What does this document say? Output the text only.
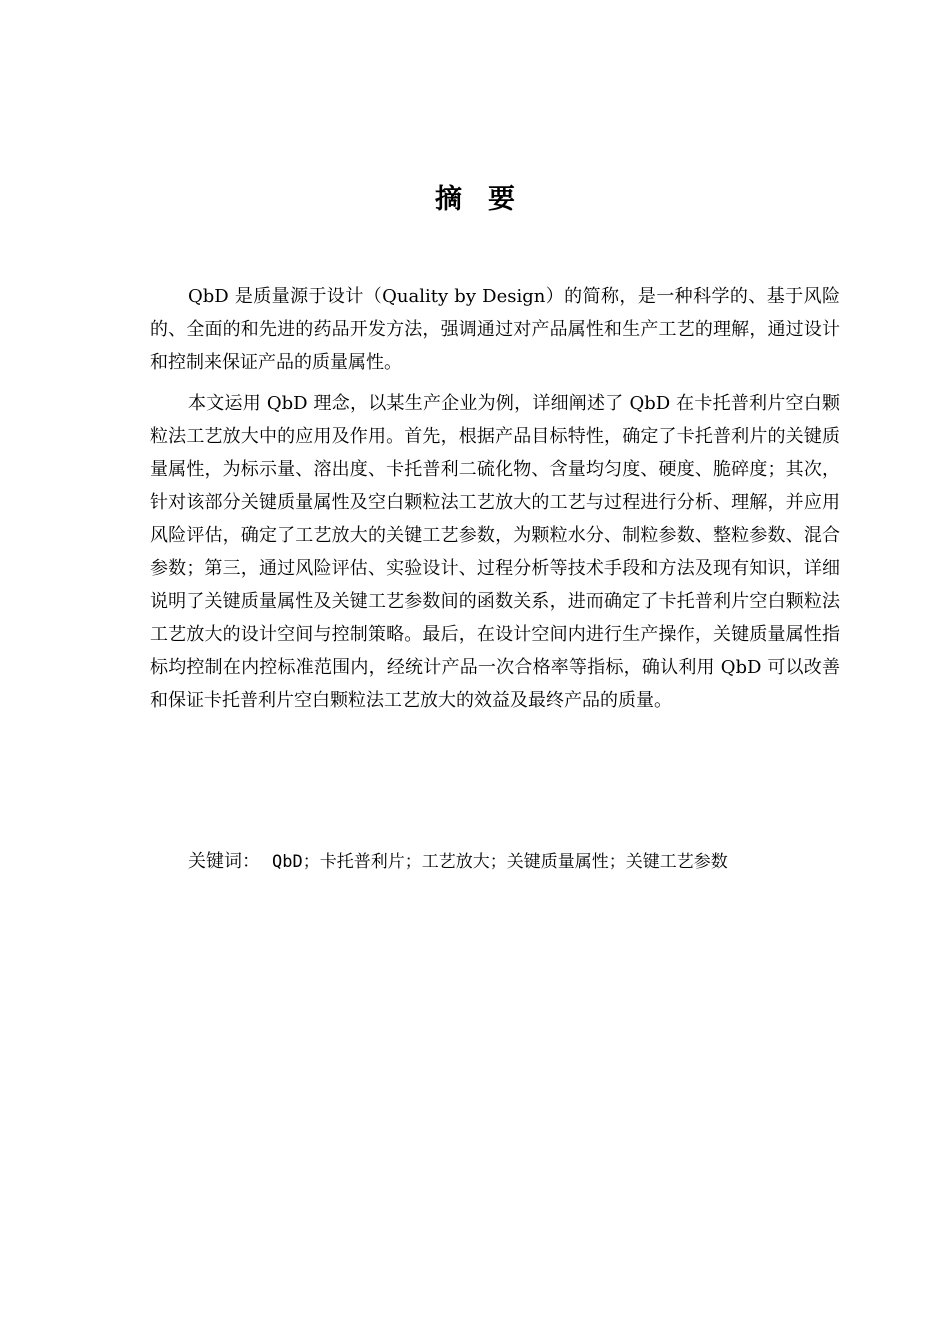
摘要

QbD 是质量源于设计（Quality by Design）的简称，是一种科学的、基于风险的、全面的和先进的药品开发方法，强调通过对产品属性和生产工艺的理解，通过设计和控制来保证产品的质量属性。

本文运用 QbD 理念，以某生产企业为例，详细阐述了 QbD 在卡托普利片空白颗粒法工艺放大中的应用及作用。首先，根据产品目标特性，确定了卡托普利片的关键质量属性，为标示量、溶出度、卡托普利二硫化物、含量均匀度、硬度、脆碎度；其次，针对该部分关键质量属性及空白颗粒法工艺放大的工艺与过程进行分析、理解，并应用风险评估，确定了工艺放大的关键工艺参数，为颗粒水分、制粒参数、整粒参数、混合参数；第三，通过风险评估、实验设计、过程分析等技术手段和方法及现有知识，详细说明了关键质量属性及关键工艺参数间的函数关系，进而确定了卡托普利片空白颗粒法工艺放大的设计空间与控制策略。最后，在设计空间内进行生产操作，关键质量属性指标均控制在内控标准范围内，经统计产品一次合格率等指标，确认利用 QbD 可以改善和保证卡托普利片空白颗粒法工艺放大的效益及最终产品的质量。

关键词： QbD；卡托普利片；工艺放大；关键质量属性；关键工艺参数
